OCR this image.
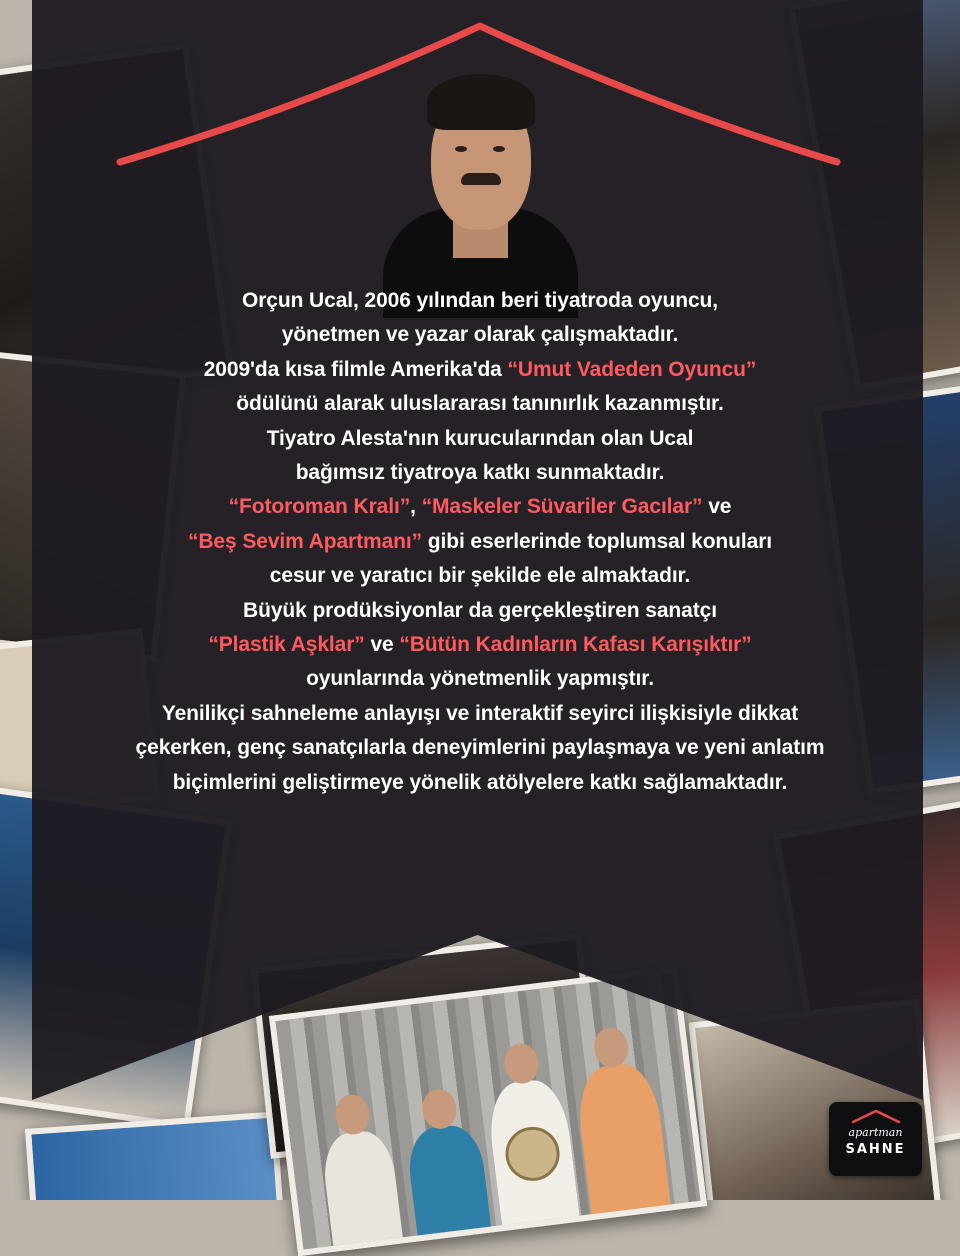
Orçun Ucal, 2006 yılından beri tiyatroda oyuncu,
yönetmen ve yazar olarak çalışmaktadır.
2009'da kısa filmle Amerika'da “Umut Vadeden Oyuncu”
ödülünü alarak uluslararası tanınırlık kazanmıştır.
Tiyatro Alesta'nın kurucularından olan Ucal
bağımsız tiyatroya katkı sunmaktadır.
“Fotoroman Kralı”, “Maskeler Süvariler Gacılar” ve
“Beş Sevim Apartmanı” gibi eserlerinde toplumsal konuları
cesur ve yaratıcı bir şekilde ele almaktadır.
Büyük prodüksiyonlar da gerçekleştiren sanatçı
“Plastik Aşklar” ve “Bütün Kadınların Kafası Karışıktır”
oyunlarında yönetmenlik yapmıştır.
Yenilikçi sahneleme anlayışı ve interaktif seyirci ilişkisiyle dikkat
çekerken, genç sanatçılarla deneyimlerini paylaşmaya ve yeni anlatım
biçimlerini geliştirmeye yönelik atölyelere katkı sağlamaktadır.

apartman
SAHNE
